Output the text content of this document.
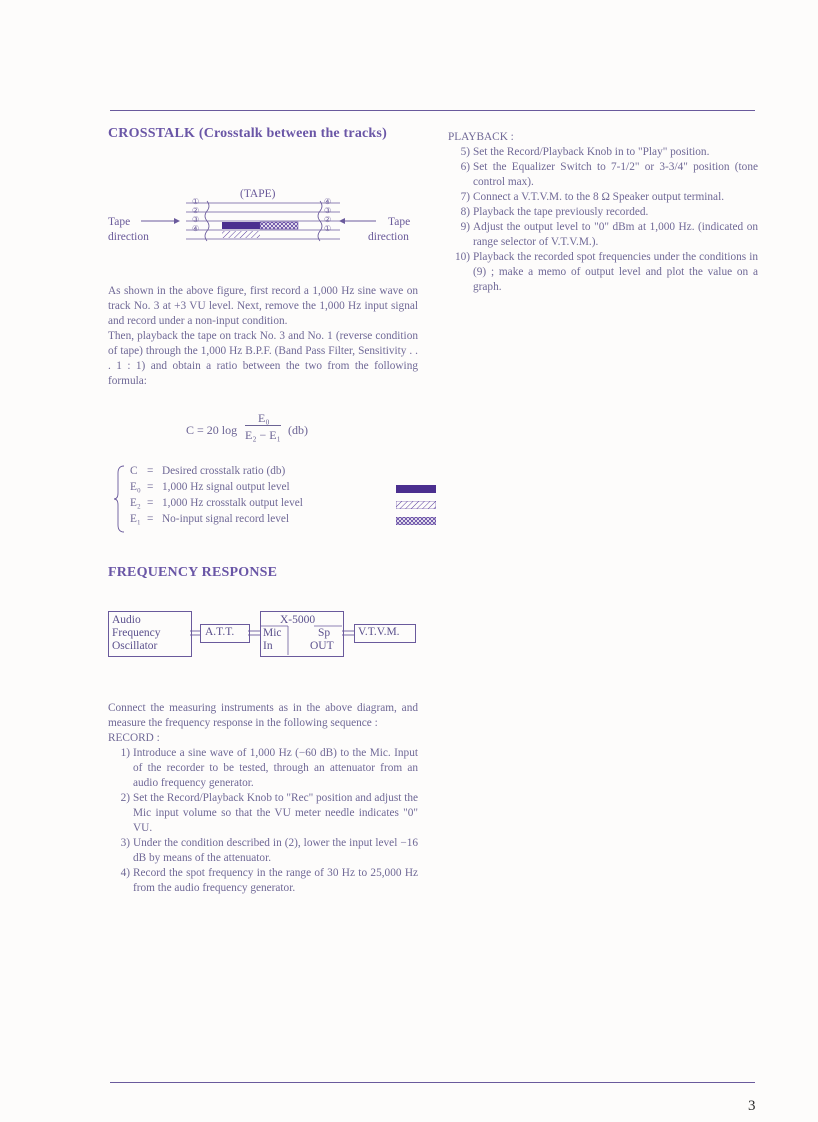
CROSSTALK (Crosstalk between the tracks)
(TAPE)
Tape
direction
Tape
direction
①
②
③
④
④
③
②
①

As shown in the above figure, first record a 1,000 Hz sine wave on track No. 3 at +3 VU level. Next, remove the 1,000 Hz input signal and record under a non-input condition.

Then, playback the tape on track No. 3 and No. 1 (reverse condition of tape) through the 1,000 Hz B.P.F. (Band Pass Filter, Sensitivity . . . 1 : 1) and obtain a ratio between the two from the following formula:

C = 20 log
E₀
E₂ − E₁ (db)
C = Desired crosstalk ratio (db)
E₀ = 1,000 Hz signal output level
E₂ = 1,000 Hz crosstalk output level
E₁ = No-input signal record level
FREQUENCY RESPONSE
Audio
Frequency
Oscillator
A.T.T.
X-5000
Mic
In
Sp
OUT
V.T.V.M.

Connect the measuring instruments as in the above diagram, and measure the frequency response in the following sequence :

RECORD :
1) Introduce a sine wave of 1,000 Hz (−60 dB) to the Mic. Input of the recorder to be tested, through an attenuator from an audio frequency generator.
2) Set the Record/Playback Knob to "Rec" position and adjust the Mic input volume so that the VU meter needle indicates "0" VU.
3) Under the condition described in (2), lower the input level −16 dB by means of the attenuator.
4) Record the spot frequency in the range of 30 Hz to 25,000 Hz from the audio frequency generator.
PLAYBACK :
5) Set the Record/Playback Knob in to "Play" position.
6) Set the Equalizer Switch to 7-1/2" or 3-3/4" position (tone control max).
7) Connect a V.T.V.M. to the 8 Ω Speaker output terminal.
8) Playback the tape previously recorded.
9) Adjust the output level to "0" dBm at 1,000 Hz. (indicated on range selector of V.T.V.M.).
10) Playback the recorded spot frequencies under the conditions in (9) ; make a memo of output level and plot the value on a graph.
3
